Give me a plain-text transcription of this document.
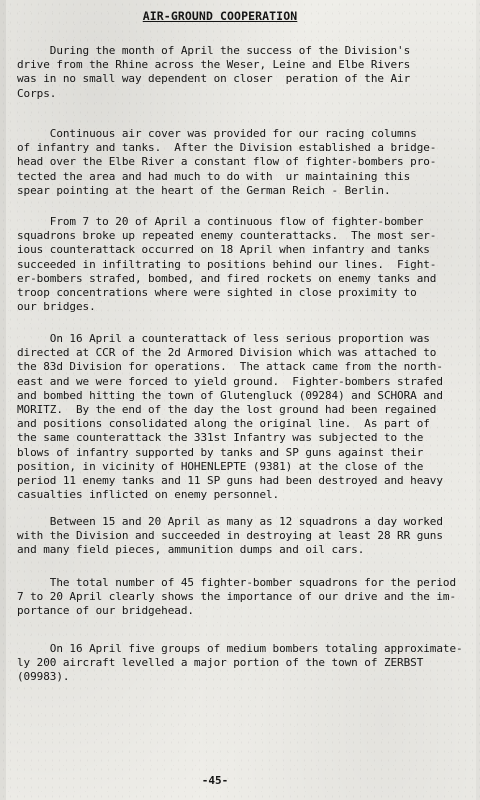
AIR-GROUND COOPERATION

During the month of April the success of the Division's
drive from the Rhine across the Weser, Leine and Elbe Rivers
was in no small way dependent on closer  peration of the Air
Corps.

Continuous air cover was provided for our racing columns
of infantry and tanks.  After the Division established a bridge-
head over the Elbe River a constant flow of fighter-bombers pro-
tected the area and had much to do with  ur maintaining this
spear pointing at the heart of the German Reich - Berlin.

From 7 to 20 of April a continuous flow of fighter-bomber
squadrons broke up repeated enemy counterattacks.  The most ser-
ious counterattack occurred on 18 April when infantry and tanks
succeeded in infiltrating to positions behind our lines.  Fight-
er-bombers strafed, bombed, and fired rockets on enemy tanks and
troop concentrations where were sighted in close proximity to
our bridges.

On 16 April a counterattack of less serious proportion was
directed at CCR of the 2d Armored Division which was attached to
the 83d Division for operations.  The attack came from the north-
east and we were forced to yield ground.  Fighter-bombers strafed
and bombed hitting the town of Glutengluck (09284) and SCHORA and
MORITZ.  By the end of the day the lost ground had been regained
and positions consolidated along the original line.  As part of
the same counterattack the 331st Infantry was subjected to the
blows of infantry supported by tanks and SP guns against their
position, in vicinity of HOHENLEPTE (9381) at the close of the
period 11 enemy tanks and 11 SP guns had been destroyed and heavy
casualties inflicted on enemy personnel.

Between 15 and 20 April as many as 12 squadrons a day worked
with the Division and succeeded in destroying at least 28 RR guns
and many field pieces, ammunition dumps and oil cars.

The total number of 45 fighter-bomber squadrons for the period
7 to 20 April clearly shows the importance of our drive and the im-
portance of our bridgehead.

On 16 April five groups of medium bombers totaling approximate-
ly 200 aircraft levelled a major portion of the town of ZERBST
(09983).

-45-
